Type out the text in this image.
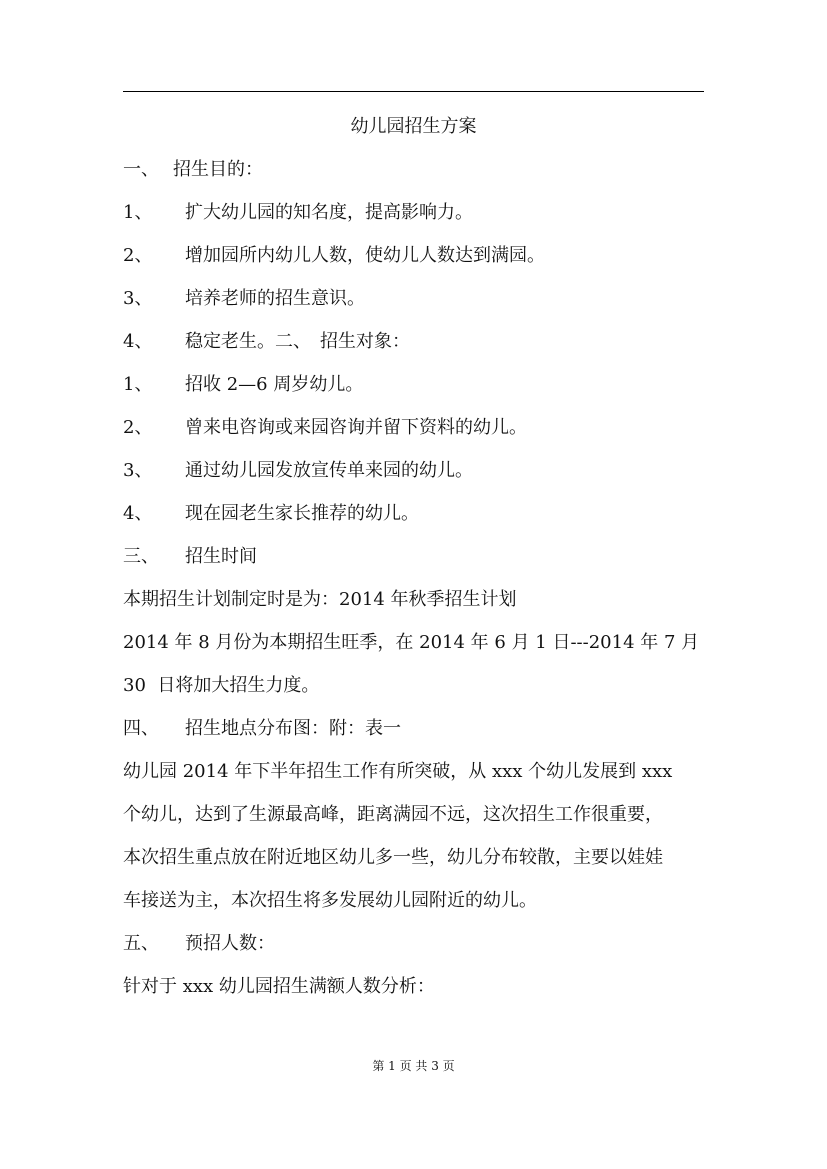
幼儿园招生方案
一、 招生目的：
1、 扩大幼儿园的知名度，提高影响力。
2、 增加园所内幼儿人数，使幼儿人数达到满园。
3、 培养老师的招生意识。
4、 稳定老生。二、　招生对象：
1、 招收 2—6 周岁幼儿。
2、 曾来电咨询或来园咨询并留下资料的幼儿。
3、 通过幼儿园发放宣传单来园的幼儿。
4、 现在园老生家长推荐的幼儿。
三、 招生时间
本期招生计划制定时是为：2014 年秋季招生计划
2014 年 8 月份为本期招生旺季，在 2014 年 6 月 1 日---2014 年 7 月
30  日将加大招生力度。
四、 招生地点分布图：附：表一
幼儿园 2014 年下半年招生工作有所突破，从 xxx 个幼儿发展到 xxx
个幼儿，达到了生源最高峰，距离满园不远，这次招生工作很重要，
本次招生重点放在附近地区幼儿多一些，幼儿分布较散，主要以娃娃
车接送为主，本次招生将多发展幼儿园附近的幼儿。
五、 预招人数：
针对于 xxx 幼儿园招生满额人数分析：
第 1 页 共 3 页
